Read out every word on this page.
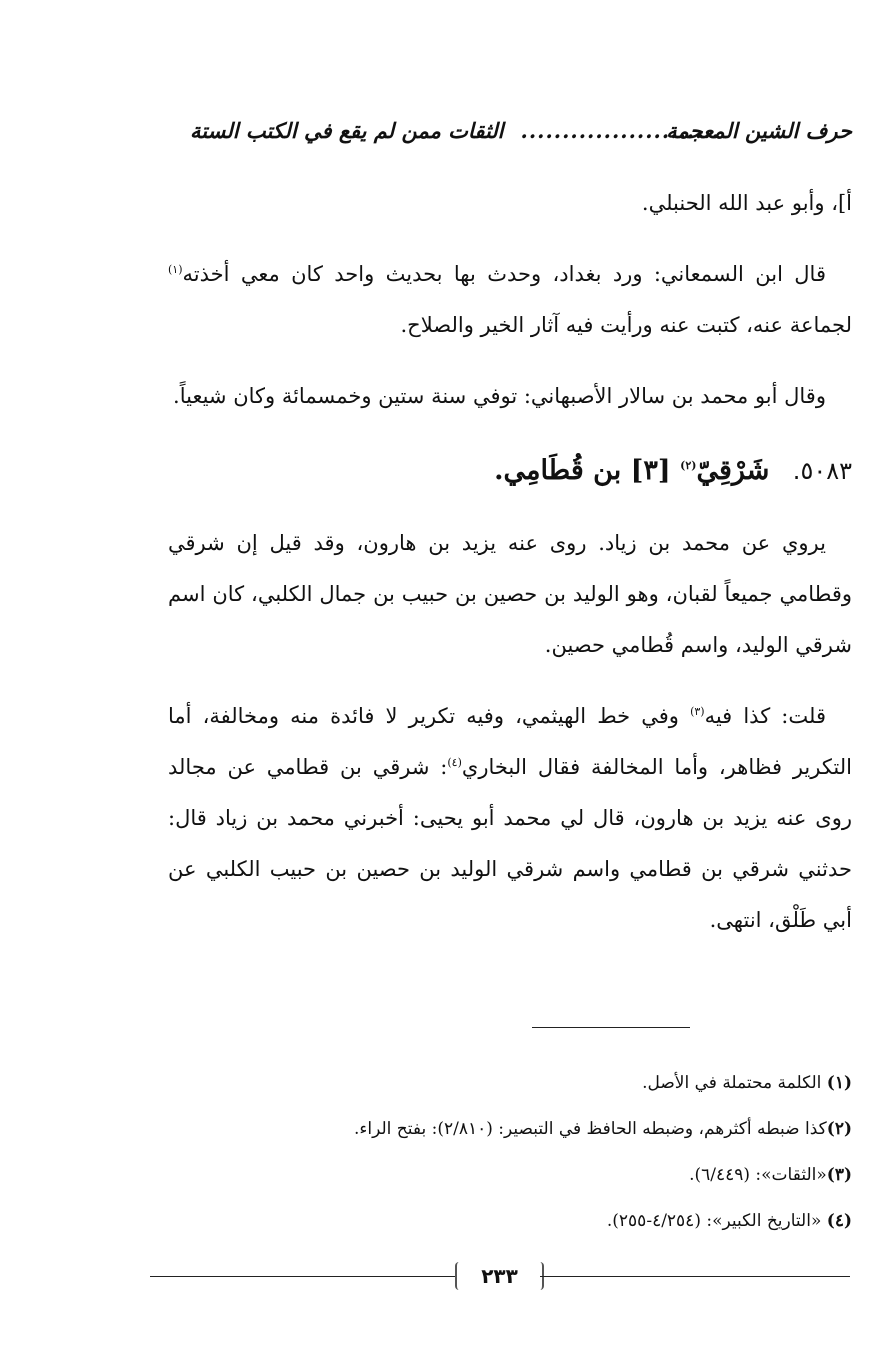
حرف الشين المعجمة
........................
الثقات ممن لم يقع في الكتب الستة

أ]، وأبو عبد الله الحنبلي.

قال ابن السمعاني: ورد بغداد، وحدث بها بحديث واحد كان معي أخذته$^{(١)}$ لجماعة عنه، كتبت عنه ورأيت فيه آثار الخير والصلاح.

وقال أبو محمد بن سالار الأصبهاني: توفي سنة ستين وخمسمائة وكان شيعياً.

٥٠٨٣. شَرْقِيّ$^{(٢)}$ [٣] بن قُطَامِي.

يروي عن محمد بن زياد. روى عنه يزيد بن هارون، وقد قيل إن شرقي وقطامي جميعاً لقبان، وهو الوليد بن حصين بن حبيب بن جمال الكلبي، كان اسم شرقي الوليد، واسم قُطامي حصين.

قلت: كذا فيه$^{(٣)}$ وفي خط الهيثمي، وفيه تكرير لا فائدة منه ومخالفة، أما التكرير فظاهر، وأما المخالفة فقال البخاري$^{(٤)}$: شرقي بن قطامي عن مجالد روى عنه يزيد بن هارون، قال لي محمد أبو يحيى: أخبرني محمد بن زياد قال: حدثني شرقي بن قطامي واسم شرقي الوليد بن حصين بن حبيب الكلبي عن أبي طَلْق، انتهى.

(١) الكلمة محتملة في الأصل.
(٢)كذا ضبطه أكثرهم، وضبطه الحافظ في التبصير: (٢/٨١٠): بفتح الراء.
(٣)«الثقات»: (٦/٤٤٩).
(٤) «التاريخ الكبير»: (٤/٢٥٤-٢٥٥).
٢٣٣
